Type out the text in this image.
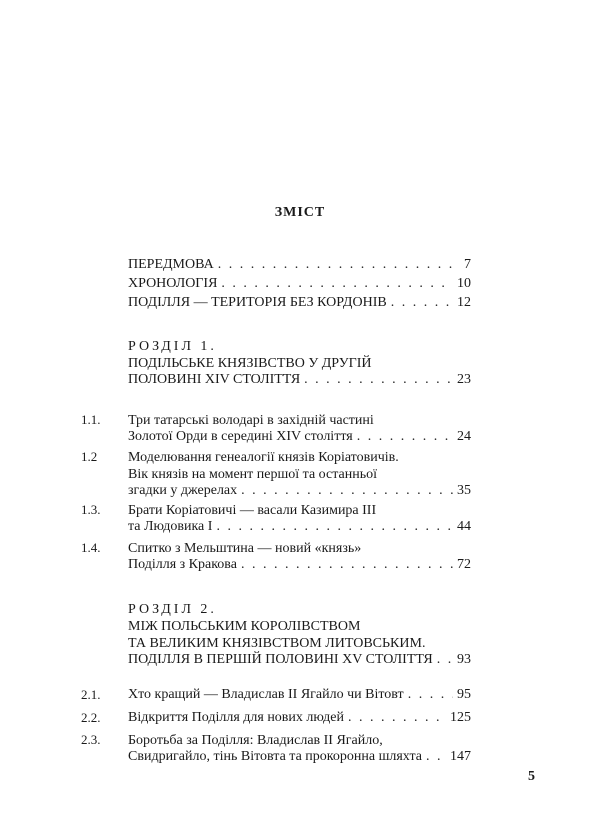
ЗМІСТ
ПЕРЕДМОВА . . .	7
ХРОНОЛОГІЯ . . .	10
ПОДІЛЛЯ — ТЕРИТОРІЯ БЕЗ КОРДОНІВ . . .	12
РОЗДІЛ 1.
ПОДІЛЬСЬКЕ КНЯЗІВСТВО У ДРУГІЙ
ПОЛОВИНІ XIV СТОЛІТТЯ . . .	23
1.1. Три татарські володарі в західній частині
Золотої Орди в середині XIV століття . . .	24
1.2 Моделювання генеалогії князів Коріатовичів.
Вік князів на момент першої та останньої
згадки у джерелах . . .	35
1.3. Брати Коріатовичі — васали Казимира III
та Людовика І . . .	44
1.4. Спитко з Мельштина — новий «князь»
Поділля з Кракова . . .	72
РОЗДІЛ 2.
МІЖ ПОЛЬСЬКИМ КОРОЛІВСТВОМ
ТА ВЕЛИКИМ КНЯЗІВСТВОМ ЛИТОВСЬКИМ.
ПОДІЛЛЯ В ПЕРШІЙ ПОЛОВИНІ XV СТОЛІТТЯ . . . 93
2.1. Хто кращий — Владислав II Ягайло чи Вітовт . . .	95
2.2. Відкриття Поділля для нових людей . . .	125
2.3. Боротьба за Поділля: Владислав II Ягайло,
Свидригайло, тінь Вітовта та прокоронна шляхта . . . 147
5
